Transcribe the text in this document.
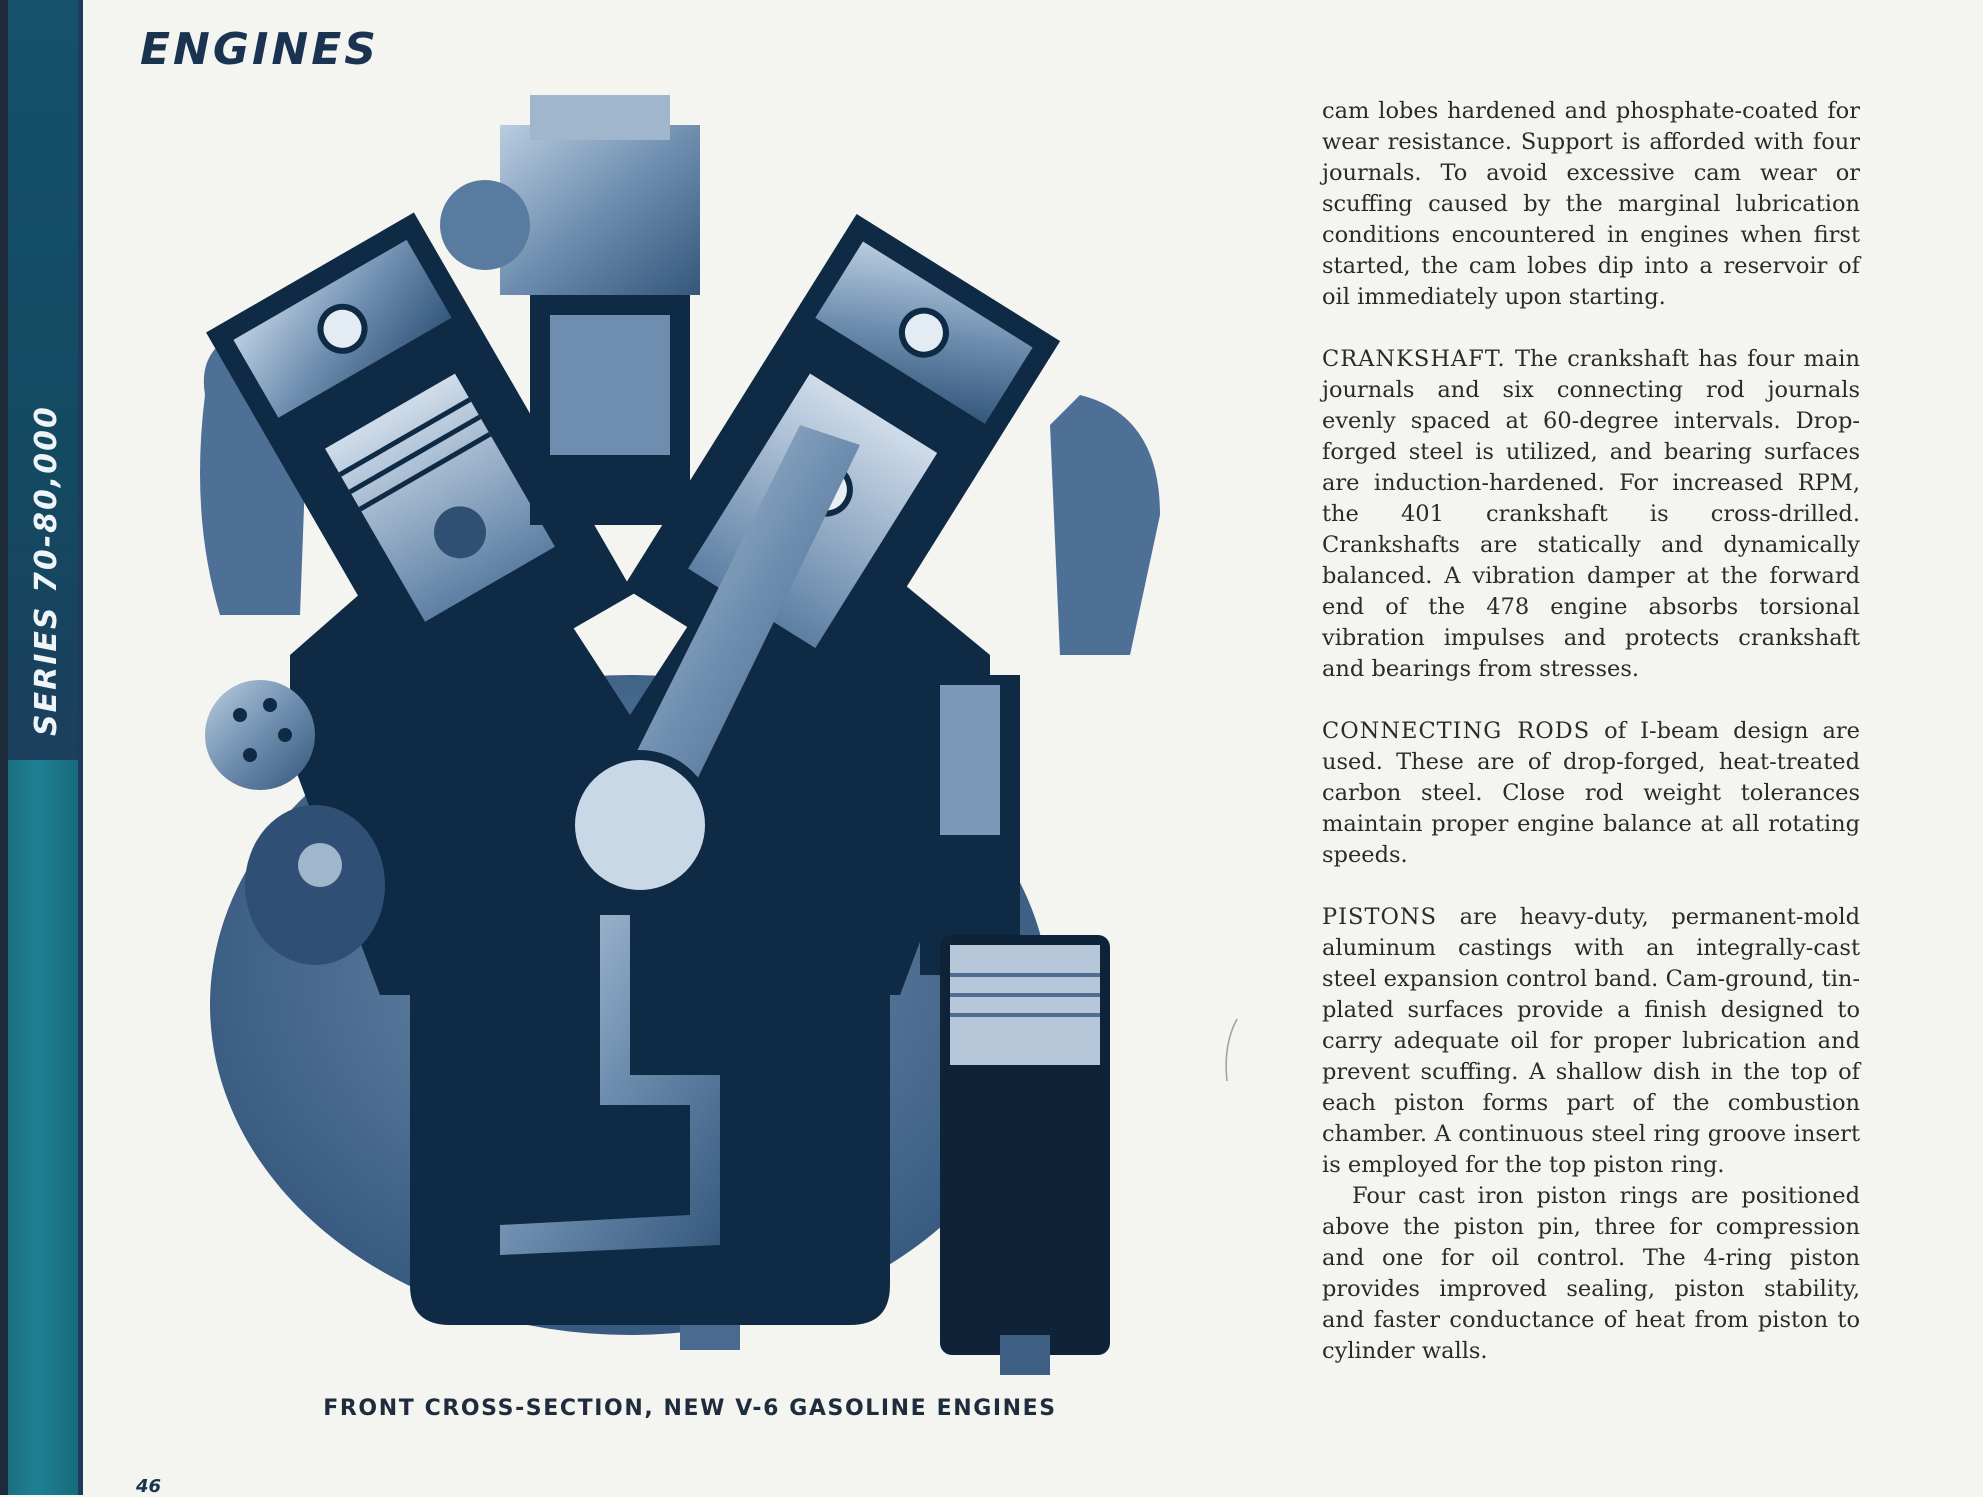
SERIES 70-80,000
ENGINES
FRONT CROSS-SECTION, NEW V-6 GASOLINE ENGINES
46

cam lobes hardened and phosphate-coated for wear resistance. Support is afforded with four journals. To avoid excessive cam wear or scuffing caused by the marginal lubrication conditions encountered in engines when first started, the cam lobes dip into a reservoir of oil immediately upon starting.

CRANKSHAFT. The crankshaft has four main journals and six connecting rod journals evenly spaced at 60-degree intervals. Drop-forged steel is utilized, and bearing surfaces are induction-hardened. For increased RPM, the 401 crankshaft is cross-drilled. Crankshafts are statically and dynamically balanced. A vibration damper at the forward end of the 478 engine absorbs torsional vibration impulses and protects crankshaft and bearings from stresses.

CONNECTING RODS of I-beam design are used. These are of drop-forged, heat-treated carbon steel. Close rod weight tolerances maintain proper engine balance at all rotating speeds.

PISTONS are heavy-duty, permanent-mold aluminum castings with an integrally-cast steel expansion control band. Cam-ground, tin-plated surfaces provide a finish designed to carry adequate oil for proper lubrication and prevent scuffing. A shallow dish in the top of each piston forms part of the combustion chamber. A continuous steel ring groove insert is employed for the top piston ring.

Four cast iron piston rings are positioned above the piston pin, three for compression and one for oil control. The 4-ring piston provides improved sealing, piston stability, and faster conductance of heat from piston to cylinder walls.
